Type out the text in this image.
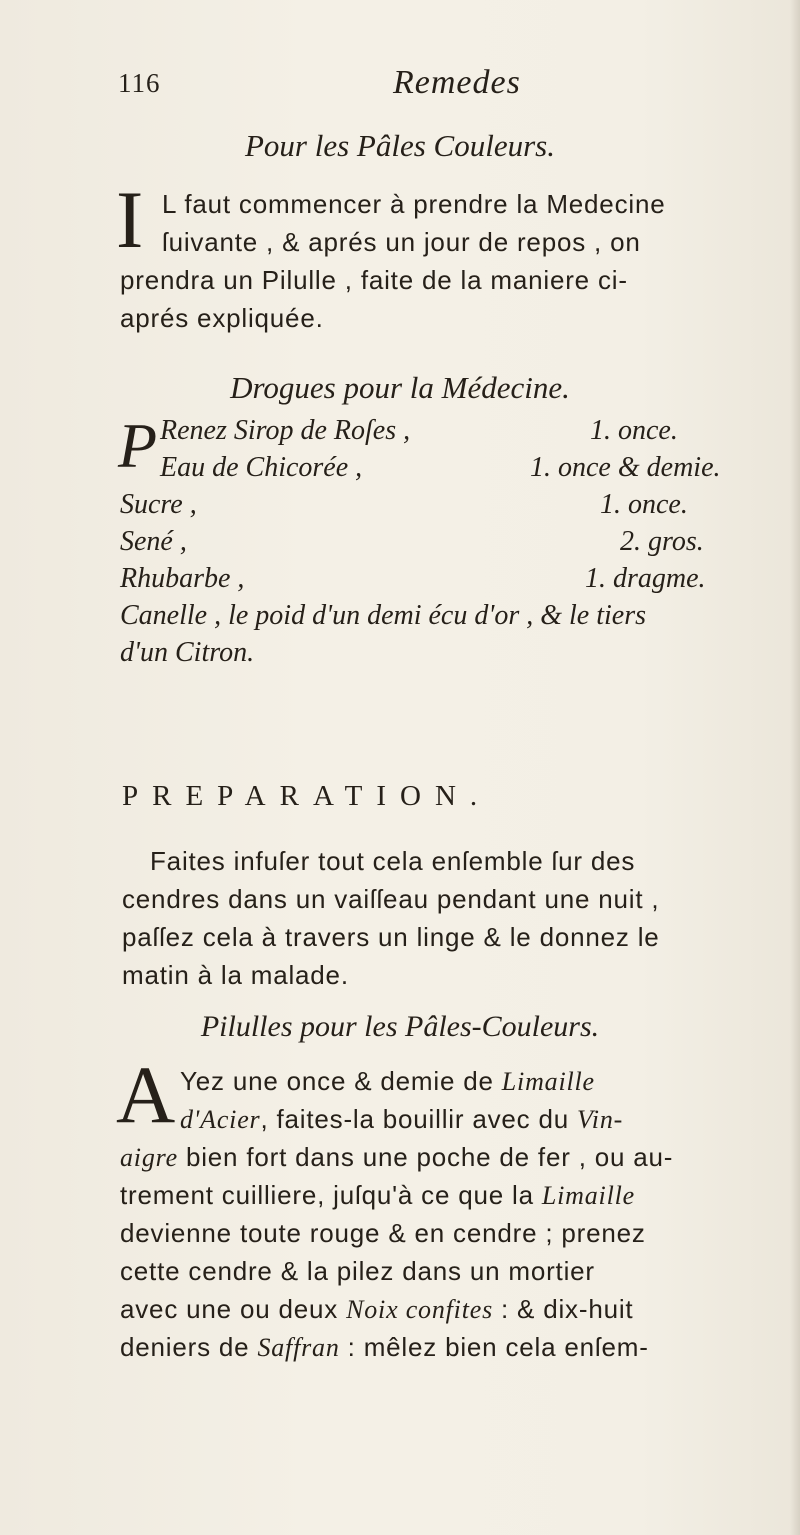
116	Remedes
Pour les Pâles Couleurs.
I L faut commencer à prendre la Medecine
ſuivante , & aprés un jour de repos , on
prendra un Pilulle , faite de la maniere ci-
aprés expliquée.
Drogues pour la Médecine.
P Renez Sirop de Roſes ,	1. once.
Eau de Chicorée ,	1. once & demie.
Sucre ,	1. once.
Sené ,	2. gros.
Rhubarbe ,	1. dragme.
Canelle , le poid d'un demi écu d'or , & le tiers
d'un Citron.
PREPARATION.
Faites infuſer tout cela enſemble ſur des
cendres dans un vaiſſeau pendant une nuit ,
paſſez cela à travers un linge & le donnez le
matin à la malade.
Pilulles pour les Pâles-Couleurs.
A Yez une once & demie de Limaille
d'Acier, faites-la bouillir avec du Vin-
aigre bien fort dans une poche de fer , ou au-
trement cuilliere, juſqu'à ce que la Limaille
devienne toute rouge & en cendre ; prenez
cette cendre & la pilez dans un mortier
avec une ou deux Noix confites : & dix-huit
deniers de Saffran : mêlez bien cela enſem-
